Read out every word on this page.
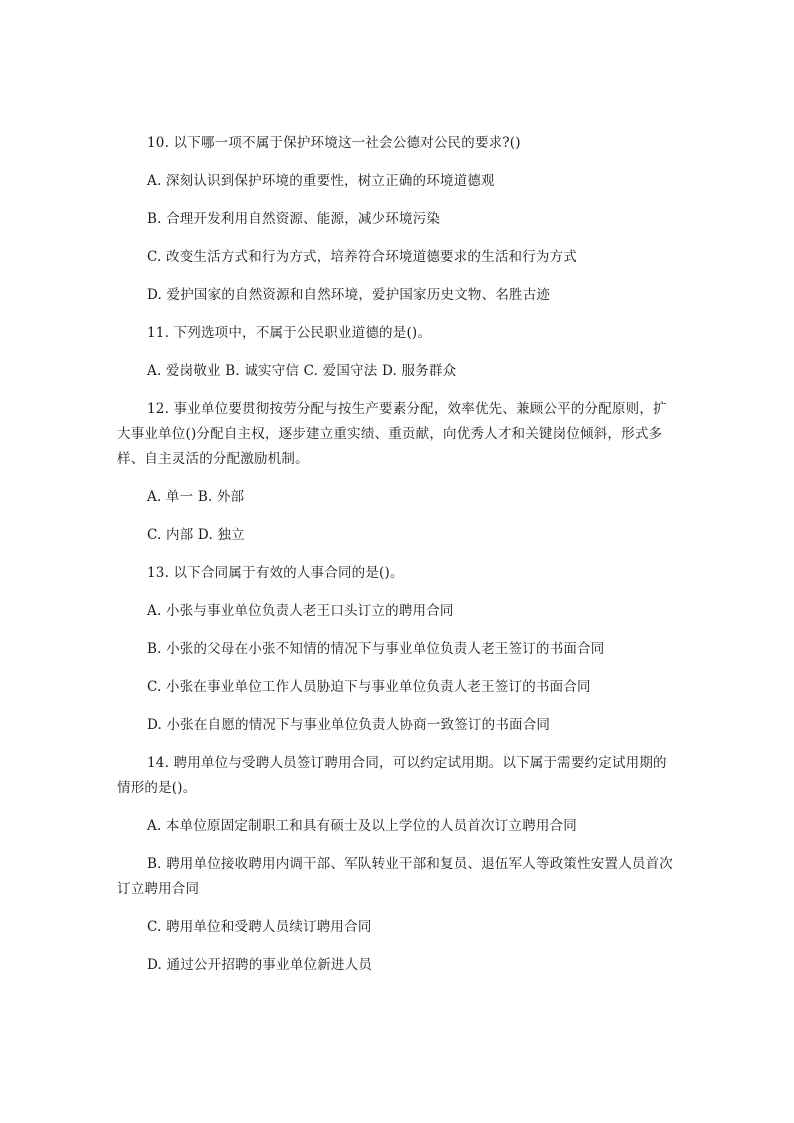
10. 以下哪一项不属于保护环境这一社会公德对公民的要求?()

A. 深刻认识到保护环境的重要性，树立正确的环境道德观

B. 合理开发利用自然资源、能源，减少环境污染

C. 改变生活方式和行为方式，培养符合环境道德要求的生活和行为方式

D. 爱护国家的自然资源和自然环境，爱护国家历史文物、名胜古迹

11. 下列选项中，不属于公民职业道德的是()。

A. 爱岗敬业 B. 诚实守信 C. 爱国守法 D. 服务群众

12. 事业单位要贯彻按劳分配与按生产要素分配，效率优先、兼顾公平的分配原则，扩大事业单位()分配自主权，逐步建立重实绩、重贡献，向优秀人才和关键岗位倾斜，形式多样、自主灵活的分配激励机制。

A. 单一 B. 外部

C. 内部 D. 独立

13. 以下合同属于有效的人事合同的是()。

A. 小张与事业单位负责人老王口头订立的聘用合同

B. 小张的父母在小张不知情的情况下与事业单位负责人老王签订的书面合同

C. 小张在事业单位工作人员胁迫下与事业单位负责人老王签订的书面合同

D. 小张在自愿的情况下与事业单位负责人协商一致签订的书面合同

14. 聘用单位与受聘人员签订聘用合同，可以约定试用期。以下属于需要约定试用期的情形的是()。

A. 本单位原固定制职工和具有硕士及以上学位的人员首次订立聘用合同

B. 聘用单位接收聘用内调干部、军队转业干部和复员、退伍军人等政策性安置人员首次订立聘用合同

C. 聘用单位和受聘人员续订聘用合同

D. 通过公开招聘的事业单位新进人员
